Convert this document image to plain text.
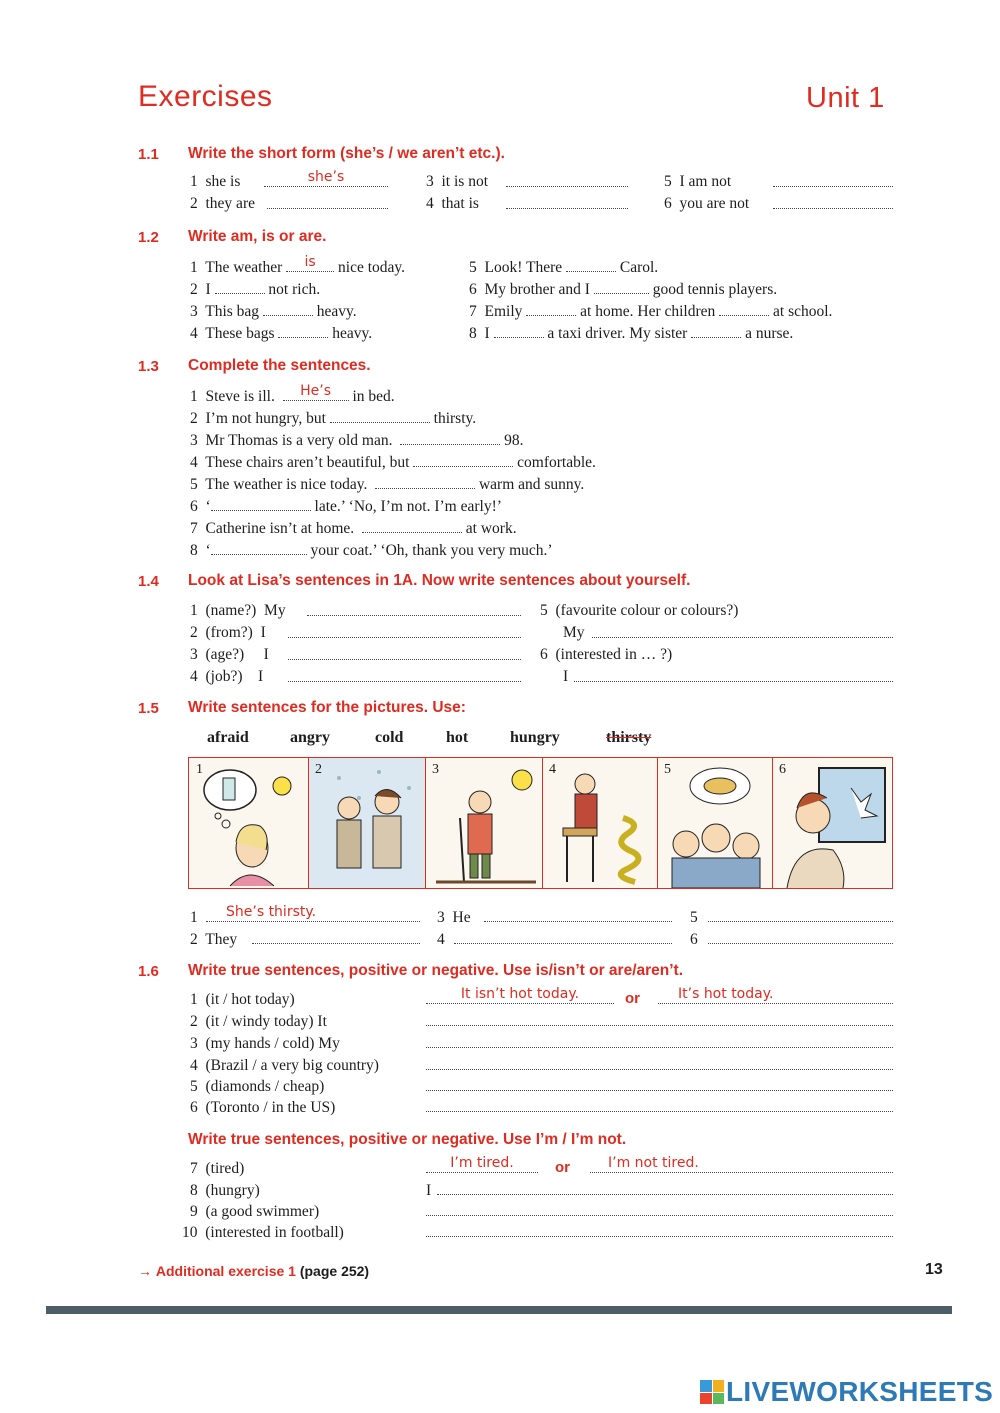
Exercises	Unit 1
1.1 Write the short form (she’s / we aren’t etc.).
1 she is	she’s
2 they are
3 it is not
4 that is
5 I am not
6 you are not
1.2 Write am, is or are.
1 The weather	is	nice today.
2 I	not rich.
3 This bag	heavy.
4 These bags	heavy.
5 Look! There	Carol.
6 My brother and I	good tennis players.
7 Emily	at home. Her children	at school.
8 I	a taxi driver. My sister	a nurse.
1.3 Complete the sentences.
1 Steve is ill.	He’s	in bed.
2 I’m not hungry, but	thirsty.
3 Mr Thomas is a very old man.	98.
4 These chairs aren’t beautiful, but	comfortable.
5 The weather is nice today.	warm and sunny.
6 ‘	late.’ ‘No, I’m not. I’m early!’
7 Catherine isn’t at home.	at work.
8 ‘	your coat.’ ‘Oh, thank you very much.’
1.4 Look at Lisa’s sentences in 1A. Now write sentences about yourself.
1 (name?) My
2 (from?) I
3 (age?) I
4 (job?) I
5 (favourite colour or colours?)
My
6 (interested in … ?)
I
1.5 Write sentences for the pictures. Use:
afraid	angry	cold	hot	hungry	thirsty
1	2	3	4	5	6
1 She’s thirsty.
2 They
3 He
4
5
6
1.6 Write true sentences, positive or negative. Use is/isn’t or are/aren’t.
1 (it / hot today)	It isn’t hot today.	or	It’s hot today.
2 (it / windy today) It
3 (my hands / cold) My
4 (Brazil / a very big country)
5 (diamonds / cheap)
6 (Toronto / in the US)
Write true sentences, positive or negative. Use I’m / I’m not.
7 (tired)	I’m tired.	or	I’m not tired.
8 (hungry)	I
9 (a good swimmer)
10 (interested in football)
→ Additional exercise 1 (page 252)	13
LIVEWORKSHEETS
